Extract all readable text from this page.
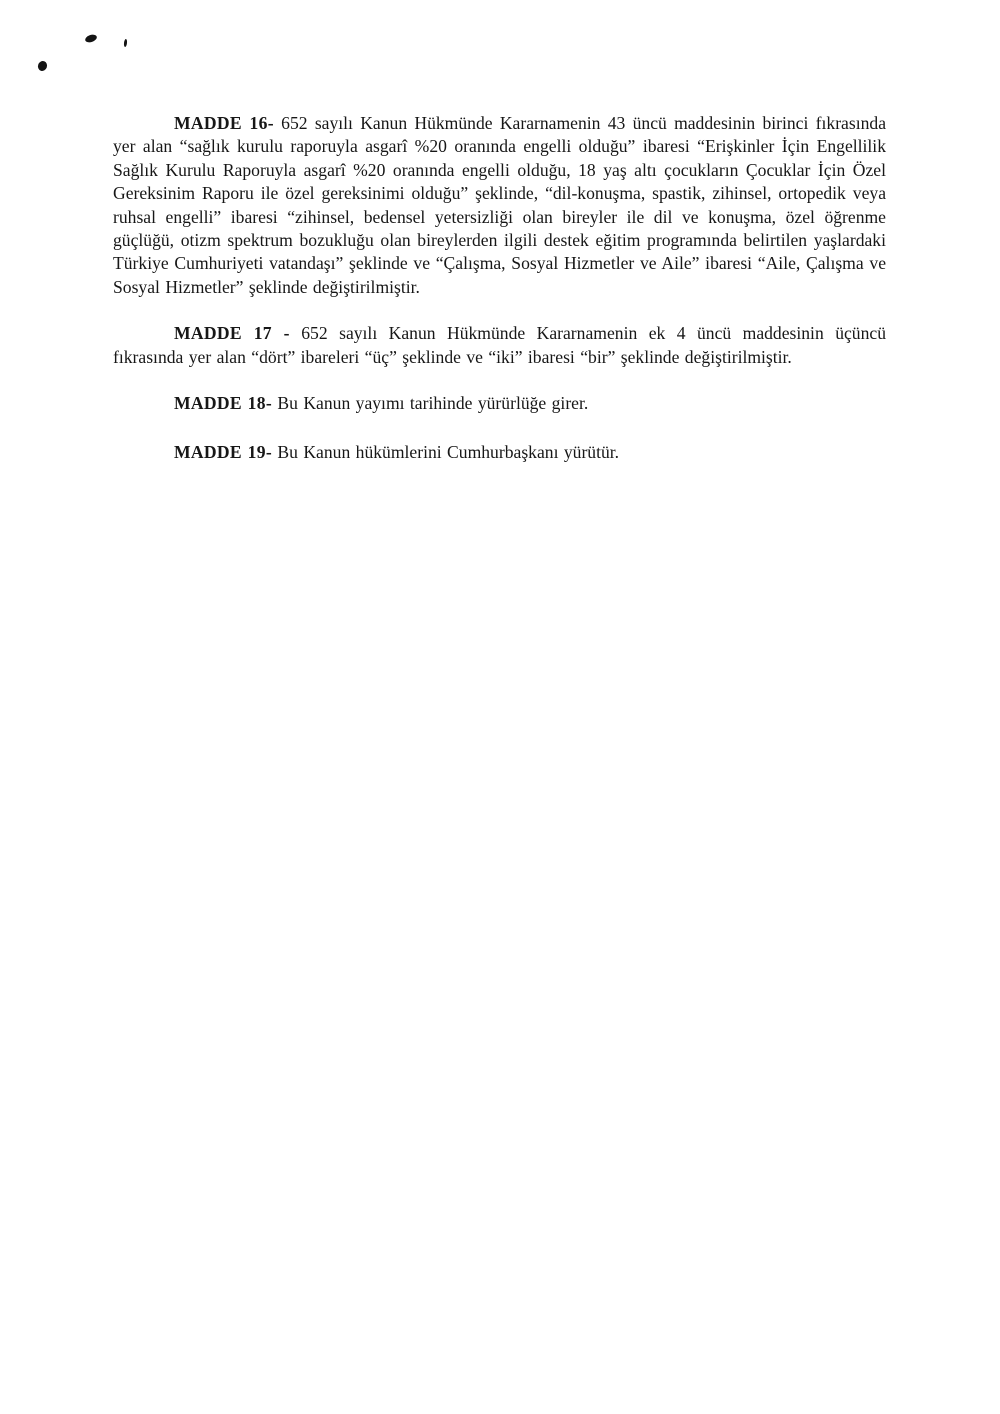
MADDE 16- 652 sayılı Kanun Hükmünde Kararnamenin 43 üncü maddesinin birinci fıkrasında yer alan “sağlık kurulu raporuyla asgarî %20 oranında engelli olduğu” ibaresi “Erişkinler İçin Engellilik Sağlık Kurulu Raporuyla asgarî %20 oranında engelli olduğu, 18 yaş altı çocukların Çocuklar İçin Özel Gereksinim Raporu ile özel gereksinimi olduğu” şeklinde, “dil-konuşma, spastik, zihinsel, ortopedik veya ruhsal engelli” ibaresi “zihinsel, bedensel yetersizliği olan bireyler ile dil ve konuşma, özel öğrenme güçlüğü, otizm spektrum bozukluğu olan bireylerden ilgili destek eğitim programında belirtilen yaşlardaki Türkiye Cumhuriyeti vatandaşı” şeklinde ve “Çalışma, Sosyal Hizmetler ve Aile” ibaresi “Aile, Çalışma ve Sosyal Hizmetler” şeklinde değiştirilmiştir.

MADDE 17 - 652 sayılı Kanun Hükmünde Kararnamenin ek 4 üncü maddesinin üçüncü fıkrasında yer alan “dört” ibareleri “üç” şeklinde ve “iki” ibaresi “bir” şeklinde değiştirilmiştir.

MADDE 18- Bu Kanun yayımı tarihinde yürürlüğe girer.

MADDE 19- Bu Kanun hükümlerini Cumhurbaşkanı yürütür.
